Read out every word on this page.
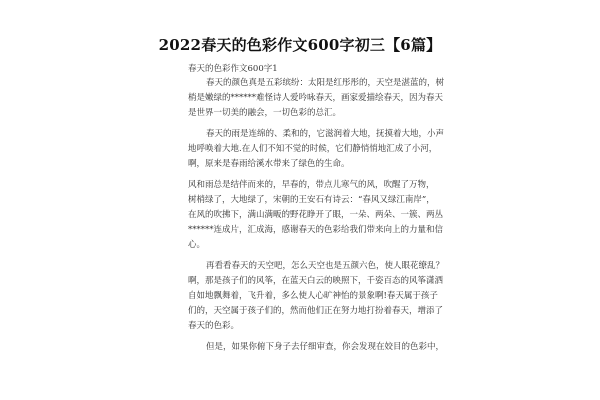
2022春天的色彩作文600字初三【6篇】
春天的色彩作文600字1
春天的颜色真是五彩缤纷：太阳是红彤彤的，天空是湛蓝的，树
梢是嫩绿的******难怪诗人爱吟咏春天，画家爱描绘春天，因为春天
是世界一切美的融会，一切色彩的总汇。
春天的雨是连绵的、柔和的，它滋润着大地，抚摸着大地，小声
地呼唤着大地.在人们不知不觉的时候，它们静悄悄地汇成了小河，
啊，原来是春雨给溪水带来了绿色的生命。
风和雨总是结伴而来的，早春的，带点儿寒气的风，吹醒了万物，
树梢绿了，大地绿了，宋朝的王安石有诗云：“春风又绿江南岸”，
在风的吹拂下，满山满畈的野花睁开了眼，一朵、两朵、一簇、两丛
******连成片，汇成海，感谢春天的色彩给我们带来向上的力量和信
心。
再看看春天的天空吧，怎么天空也是五颜六色，使人眼花缭乱？
啊，那是孩子们的风筝，在蓝天白云的映照下，千姿百态的风筝潇洒
自如地飘舞着，飞升着，多么使人心旷神怡的景象啊!春天属于孩子
们的，天空属于孩子们的，然而他们正在努力地打扮着春天，增添了
春天的色彩。
但是，如果你俯下身子去仔细审查，你会发现在姣目的色彩中，
